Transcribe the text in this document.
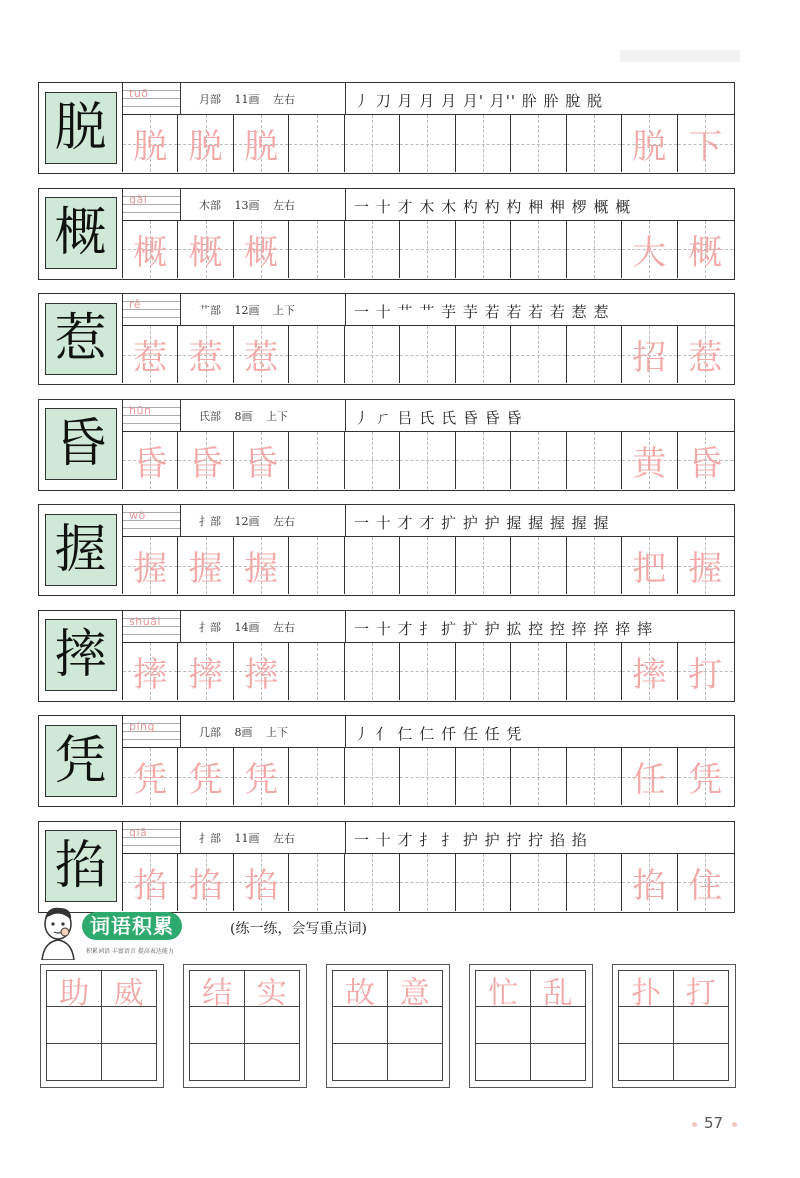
脱
tuō	月部 11画 左右	丿 刀 月 月 月 月' 月'' 肸 肸 脫 脱
脱 脱 脱	脱 下
概
gài	木部 13画 左右	一 十 才 木 木 杓 杓 杓 柙 柙 椤 概 概
概 概 概	大 概
惹
rě	艹部 12画 上下	一 十 艹 艹 芋 芋 若 若 若 若 惹 惹
惹 惹 惹	招 惹
昏
hūn	氏部 8画 上下	丿 ㄏ 㠯 氏 氏 昏 昏 昏
昏 昏 昏	黄 昏
握
wò	扌部 12画 左右	一 十 才 才 扩 护 护 握 握 握 握 握
握 握 握	把 握
摔
shuāi	扌部 14画 左右	一 十 才 扌 扩 扩 护 拡 控 控 捽 捽 捽 摔
摔 摔 摔	摔 打
凭
píng	几部 8画 上下	丿 亻 仁 仁 仟 任 任 凭
凭 凭 凭	任 凭
掐
qiā	扌部 11画 左右	一 十 才 扌 扌 护 护 拧 拧 掐 掐
掐 掐 掐	掐 住
词语积累	(练一练，会写重点词)
积累词语 丰富语言 提高表达能力
助 威	结 实	故 意	忙 乱	扑 打
57
